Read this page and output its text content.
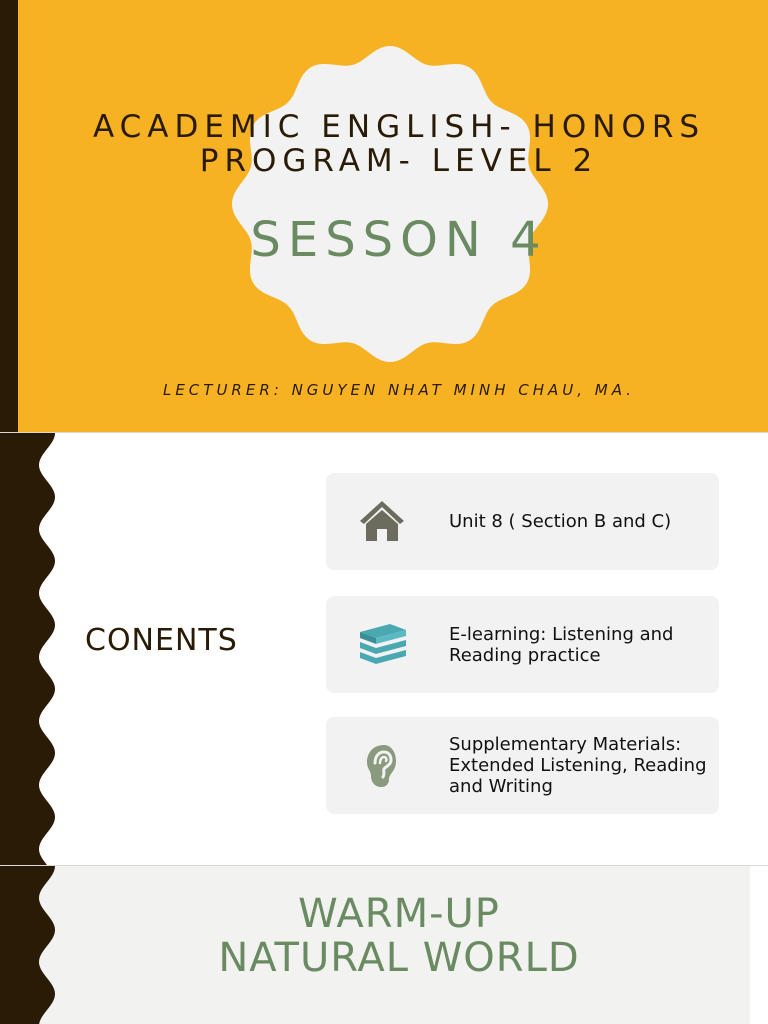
ACADEMIC ENGLISH- HONORS
PROGRAM- LEVEL 2
SESSON 4
LECTURER: NGUYEN NHAT MINH CHAU, MA.
CONENTS
Unit 8 ( Section B and C)
E-learning: Listening and Reading practice
Supplementary Materials: Extended Listening, Reading and Writing
WARM-UP
NATURAL WORLD
